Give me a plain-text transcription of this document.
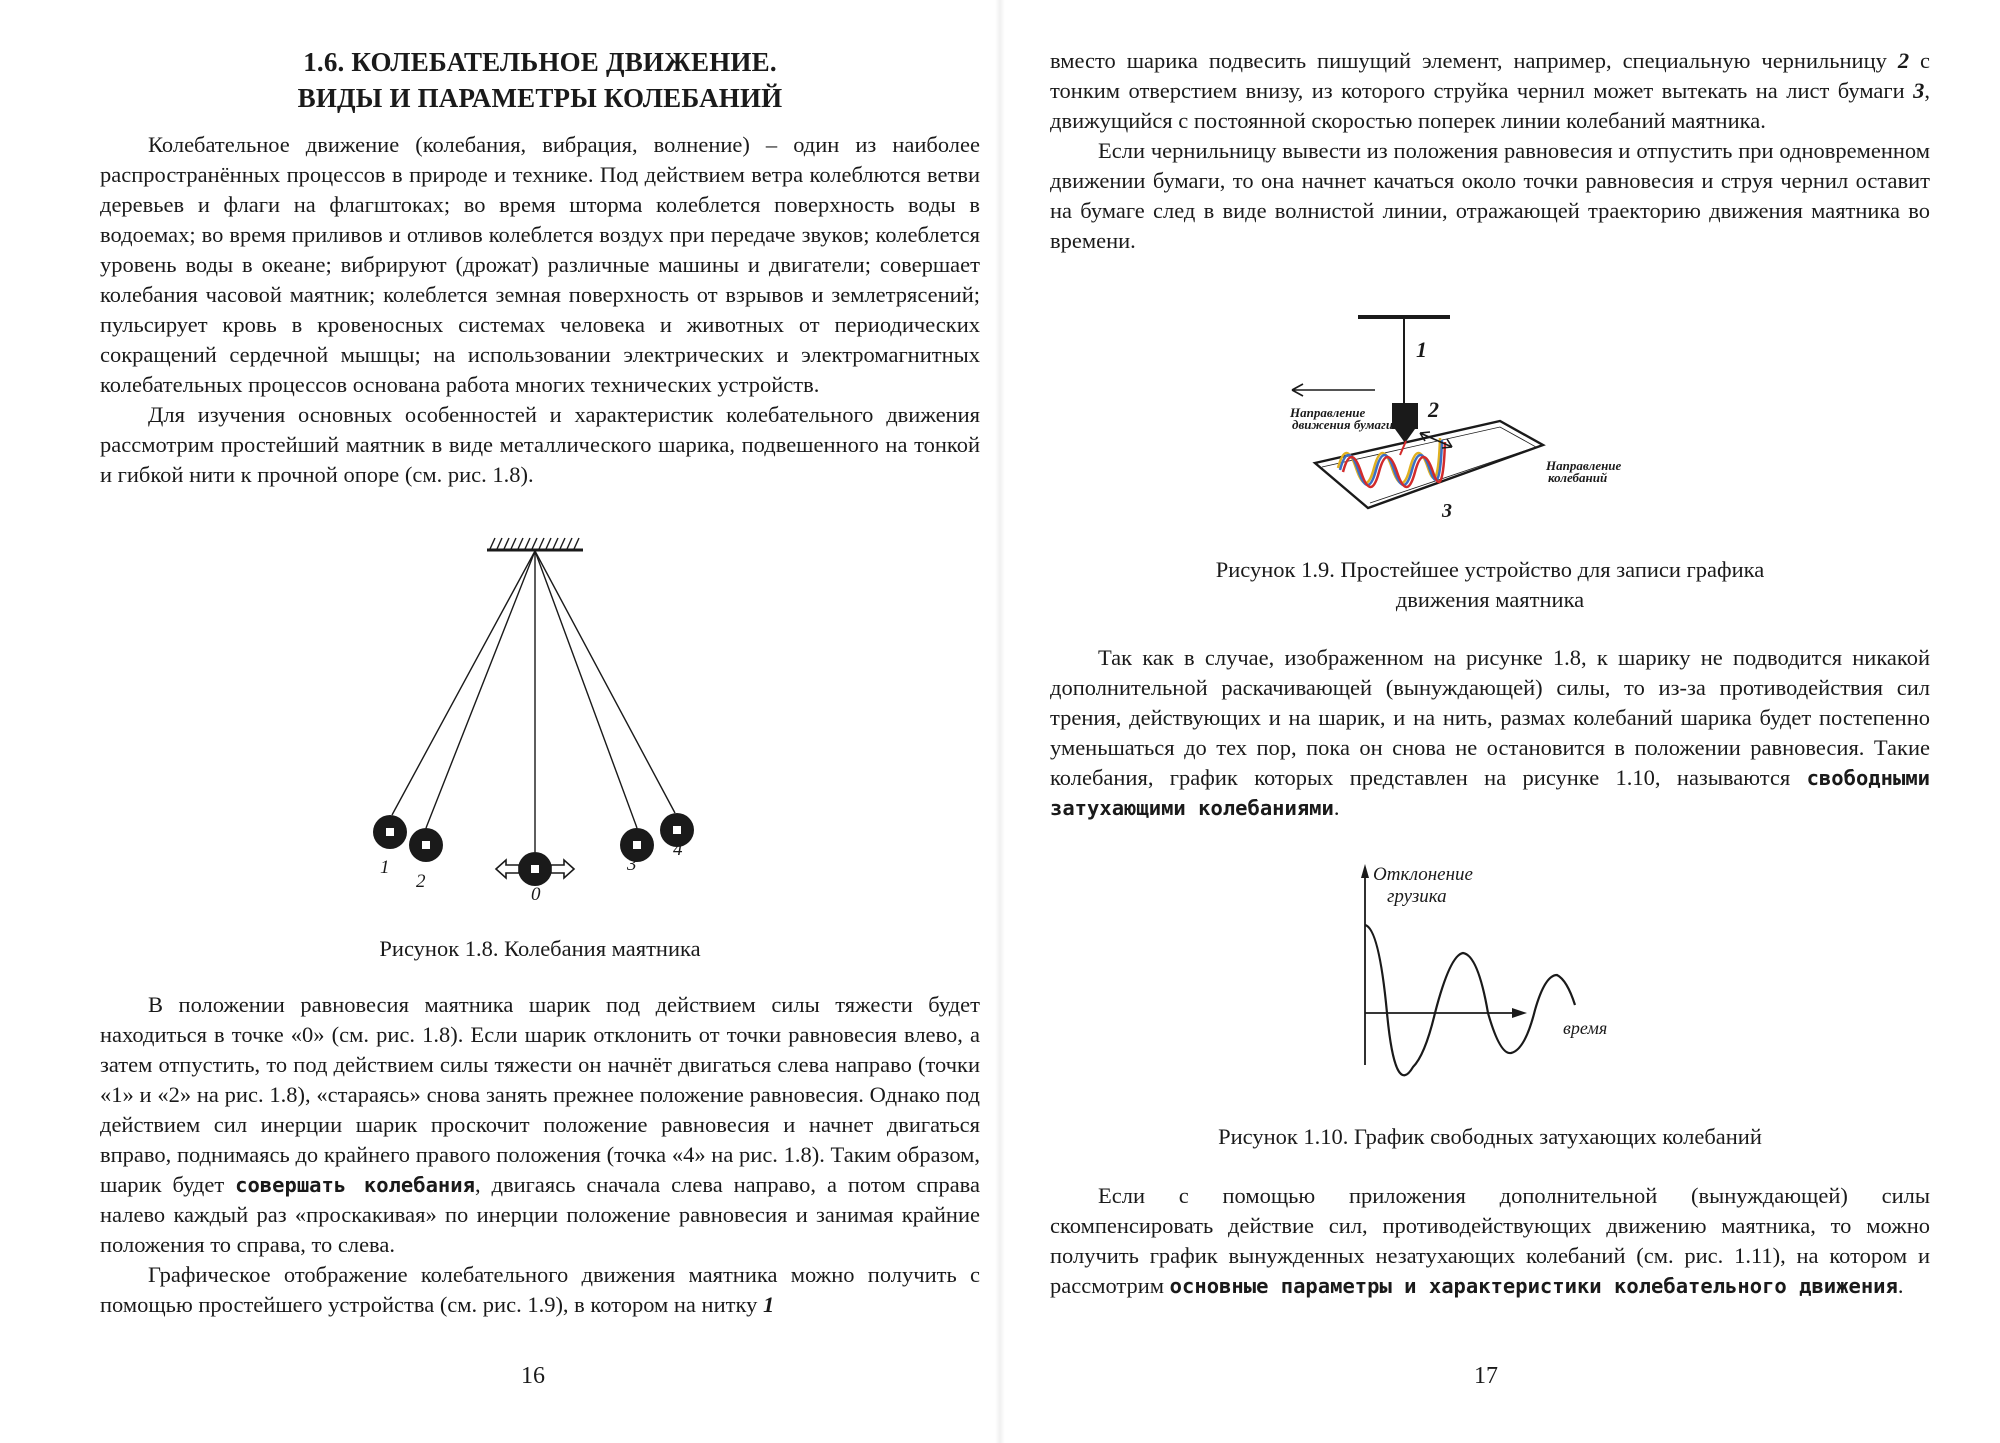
1.6. КОЛЕБАТЕЛЬНОЕ ДВИЖЕНИЕ.
ВИДЫ И ПАРАМЕТРЫ КОЛЕБАНИЙ

Колебательное движение (колебания, вибрация, волнение) – один из наиболее распространённых процессов в природе и технике. Под действием ветра колеблются ветви деревьев и флаги на флагштоках; во время шторма колеблется поверхность воды в водоемах; во время приливов и отливов колеблется воздух при передаче звуков; колеблется уровень воды в океане; вибрируют (дрожат) различные машины и двигатели; совершает колебания часовой маятник; колеблется земная поверхность от взрывов и землетрясений; пульсирует кровь в кровеносных системах человека и животных от периодических сокращений сердечной мышцы; на использовании электрических и электромагнитных колебательных процессов основана работа многих технических устройств.

Для изучения основных особенностей и характеристик колебательного движения рассмотрим простейший маятник в виде металлического шарика, подвешенного на тонкой и гибкой нити к прочной опоре (см. рис. 1.8).

1
2
0
3
4
Рисунок 1.8. Колебания маятника

В положении равновесия маятника шарик под действием силы тяжести будет находиться в точке «0» (см. рис. 1.8). Если шарик отклонить от точки равновесия влево, а затем отпустить, то под действием силы тяжести он начнёт двигаться слева направо (точки «1» и «2» на рис. 1.8), «стараясь» снова занять прежнее положение равновесия. Однако под действием сил инерции шарик проскочит положение равновесия и начнет двигаться вправо, поднимаясь до крайнего правого положения (точка «4» на рис. 1.8). Таким образом, шарик будет совершать колебания, двигаясь сначала слева направо, а потом справа налево каждый раз «проскакивая» по инерции положение равновесия и занимая крайние положения то справа, то слева.

Графическое отображение колебательного движения маятника можно получить с помощью простейшего устройства (см. рис. 1.9), в котором на нитку 1

16

вместо шарика подвесить пишущий элемент, например, специальную чернильницу 2 с тонким отверстием внизу, из которого струйка чернил может вытекать на лист бумаги 3, движущийся с постоянной скоростью поперек линии колебаний маятника.

Если чернильницу вывести из положения равновесия и отпустить при одновременном движении бумаги, то она начнет качаться около точки равновесия и струя чернил оставит на бумаге след в виде волнистой линии, отражающей траекторию движения маятника во времени.

1
2
3
Направление
движения бумаги
Направление
колебаний
Рисунок 1.9. Простейшее устройство для записи графика
движения маятника

Так как в случае, изображенном на рисунке 1.8, к шарику не подводится никакой дополнительной раскачивающей (вынуждающей) силы, то из-за противодействия сил трения, действующих и на шарик, и на нить, размах колебаний шарика будет постепенно уменьшаться до тех пор, пока он снова не остановится в положении равновесия. Такие колебания, график которых представлен на рисунке 1.10, называются свободными затухающими колебаниями.

Отклонение
грузика
время
Рисунок 1.10. График свободных затухающих колебаний

Если с помощью приложения дополнительной (вынуждающей) силы скомпенсировать действие сил, противодействующих движению маятника, то можно получить график вынужденных незатухающих колебаний (см. рис. 1.11), на котором и рассмотрим основные параметры и характеристики колебательного движения.

17
